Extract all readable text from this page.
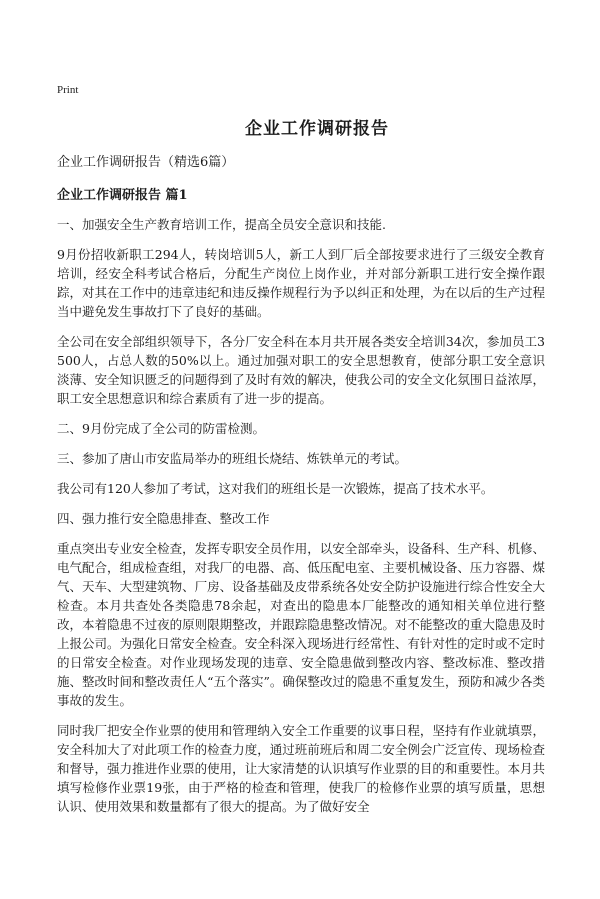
Print
企业工作调研报告
企业工作调研报告（精选6篇）
企业工作调研报告 篇1

一、加强安全生产教育培训工作，提高全员安全意识和技能.

9月份招收新职工294人，转岗培训5人，新工人到厂后全部按要求进行了三级安全教育培训，经安全科考试合格后，分配生产岗位上岗作业，并对部分新职工进行安全操作跟踪，对其在工作中的违章违纪和违反操作规程行为予以纠正和处理，为在以后的生产过程当中避免发生事故打下了良好的基础。

全公司在安全部组织领导下，各分厂安全科在本月共开展各类安全培训34次，参加员工3500人，占总人数的50%以上。通过加强对职工的安全思想教育，使部分职工安全意识淡薄、安全知识匮乏的问题得到了及时有效的解决，使我公司的安全文化氛围日益浓厚，职工安全思想意识和综合素质有了进一步的提高。

二、9月份完成了全公司的防雷检测。

三、参加了唐山市安监局举办的班组长烧结、炼铁单元的考试。

我公司有120人参加了考试，这对我们的班组长是一次锻炼，提高了技术水平。

四、强力推行安全隐患排查、整改工作

重点突出专业安全检查，发挥专职安全员作用，以安全部牵头，设备科、生产科、机修、电气配合，组成检查组，对我厂的电器、高、低压配电室、主要机械设备、压力容器、煤气、天车、大型建筑物、厂房、设备基础及皮带系统各处安全防护设施进行综合性安全大检查。本月共查处各类隐患78余起，对查出的隐患本厂能整改的通知相关单位进行整改，本着隐患不过夜的原则限期整改，并跟踪隐患整改情况。对不能整改的重大隐患及时上报公司。为强化日常安全检查。安全科深入现场进行经常性、有针对性的定时或不定时的日常安全检查。对作业现场发现的违章、安全隐患做到整改内容、整改标准、整改措施、整改时间和整改责任人“五个落实”。确保整改过的隐患不重复发生，预防和减少各类事故的发生。

同时我厂把安全作业票的使用和管理纳入安全工作重要的议事日程，坚持有作业就填票，安全科加大了对此项工作的检查力度，通过班前班后和周二安全例会广泛宣传、现场检查和督导，强力推进作业票的使用，让大家清楚的认识填写作业票的目的和重要性。本月共填写检修作业票19张，由于严格的检查和管理，使我厂的检修作业票的填写质量，思想认识、使用效果和数量都有了很大的提高。为了做好安全
